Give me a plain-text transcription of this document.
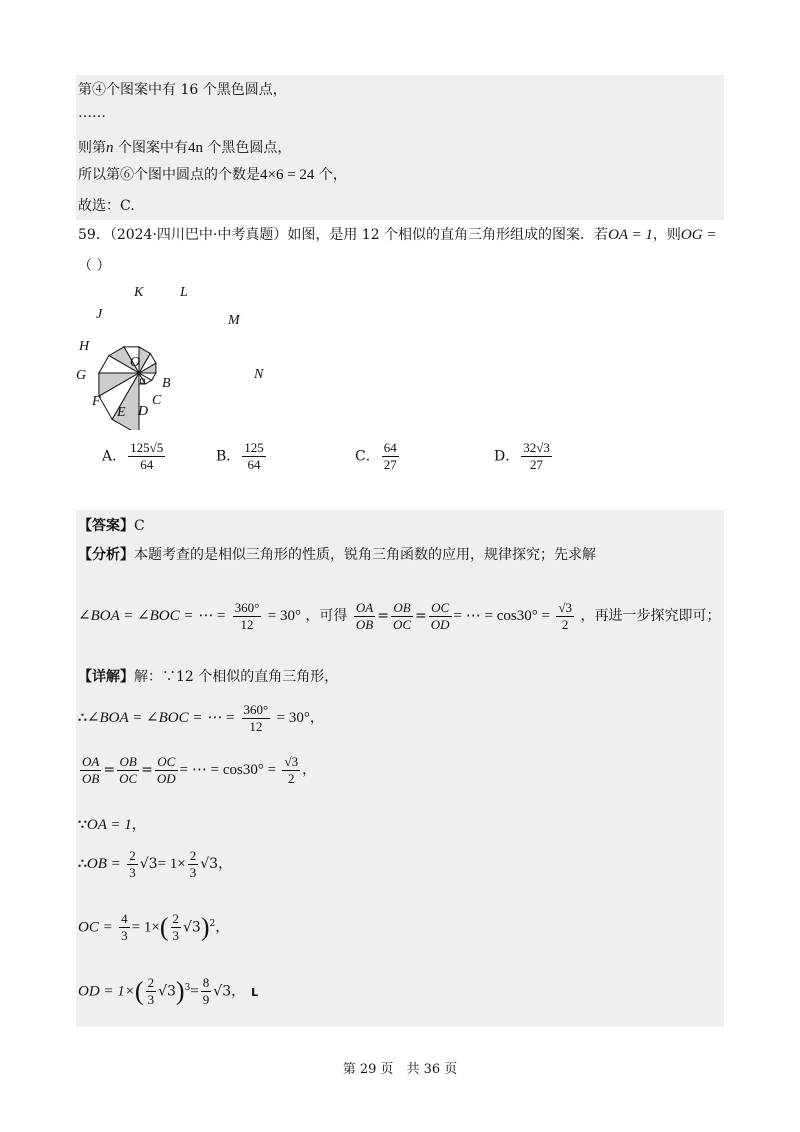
第④个图案中有 16 个黑色圆点，
……
则第n 个图案中有4n 个黑色圆点，
所以第⑥个图中圆点的个数是4×6 = 24 个，
故选：C.
59．（2024·四川巴中·中考真题）如图，是用 12 个相似的直角三角形组成的图案．若OA = 1，则OG =
（ ）
K	L
M
J
H
O
G	N
B
F	C
E D
A． $\frac{125√5}{64}$	B． $\frac{125}{64}$	C． $\frac{64}{27}$	D． $\frac{32√3}{27}$
【答案】C
【分析】本题考查的是相似三角形的性质，锐角三角函数的应用，规律探究；先求解
∠BOA = ∠BOC = ⋯ = $\frac{360^\circ}{12} = 30^\circ$ ，可得 $\frac{OA}{OB} = \frac{OB}{OC} = \frac{OC}{OD}$ = ⋯ = $\cos 30^\circ = \frac{√3}{2}$ ，再进一步探究即可；
【详解】解：∵12 个相似的直角三角形，
∴∠BOA = ∠BOC = ⋯ = $\frac{360^\circ}{12} = 30^\circ$，
$\frac{OA}{OB} = \frac{OB}{OC} = \frac{OC}{OD}$ = ⋯ = $\cos 30^\circ = \frac{√3}{2}$ ，
∵OA = 1，
∴OB = $\frac{2}{3} √3= 1\times \frac{2}{3} √3$，
OC = $\frac{4}{3} = 1\times( \frac{2}{3} √3)^2$，
OD = $1\times( \frac{2}{3} √3)^3= \frac{8}{9} √3$， L
第 29 页　共 36 页
